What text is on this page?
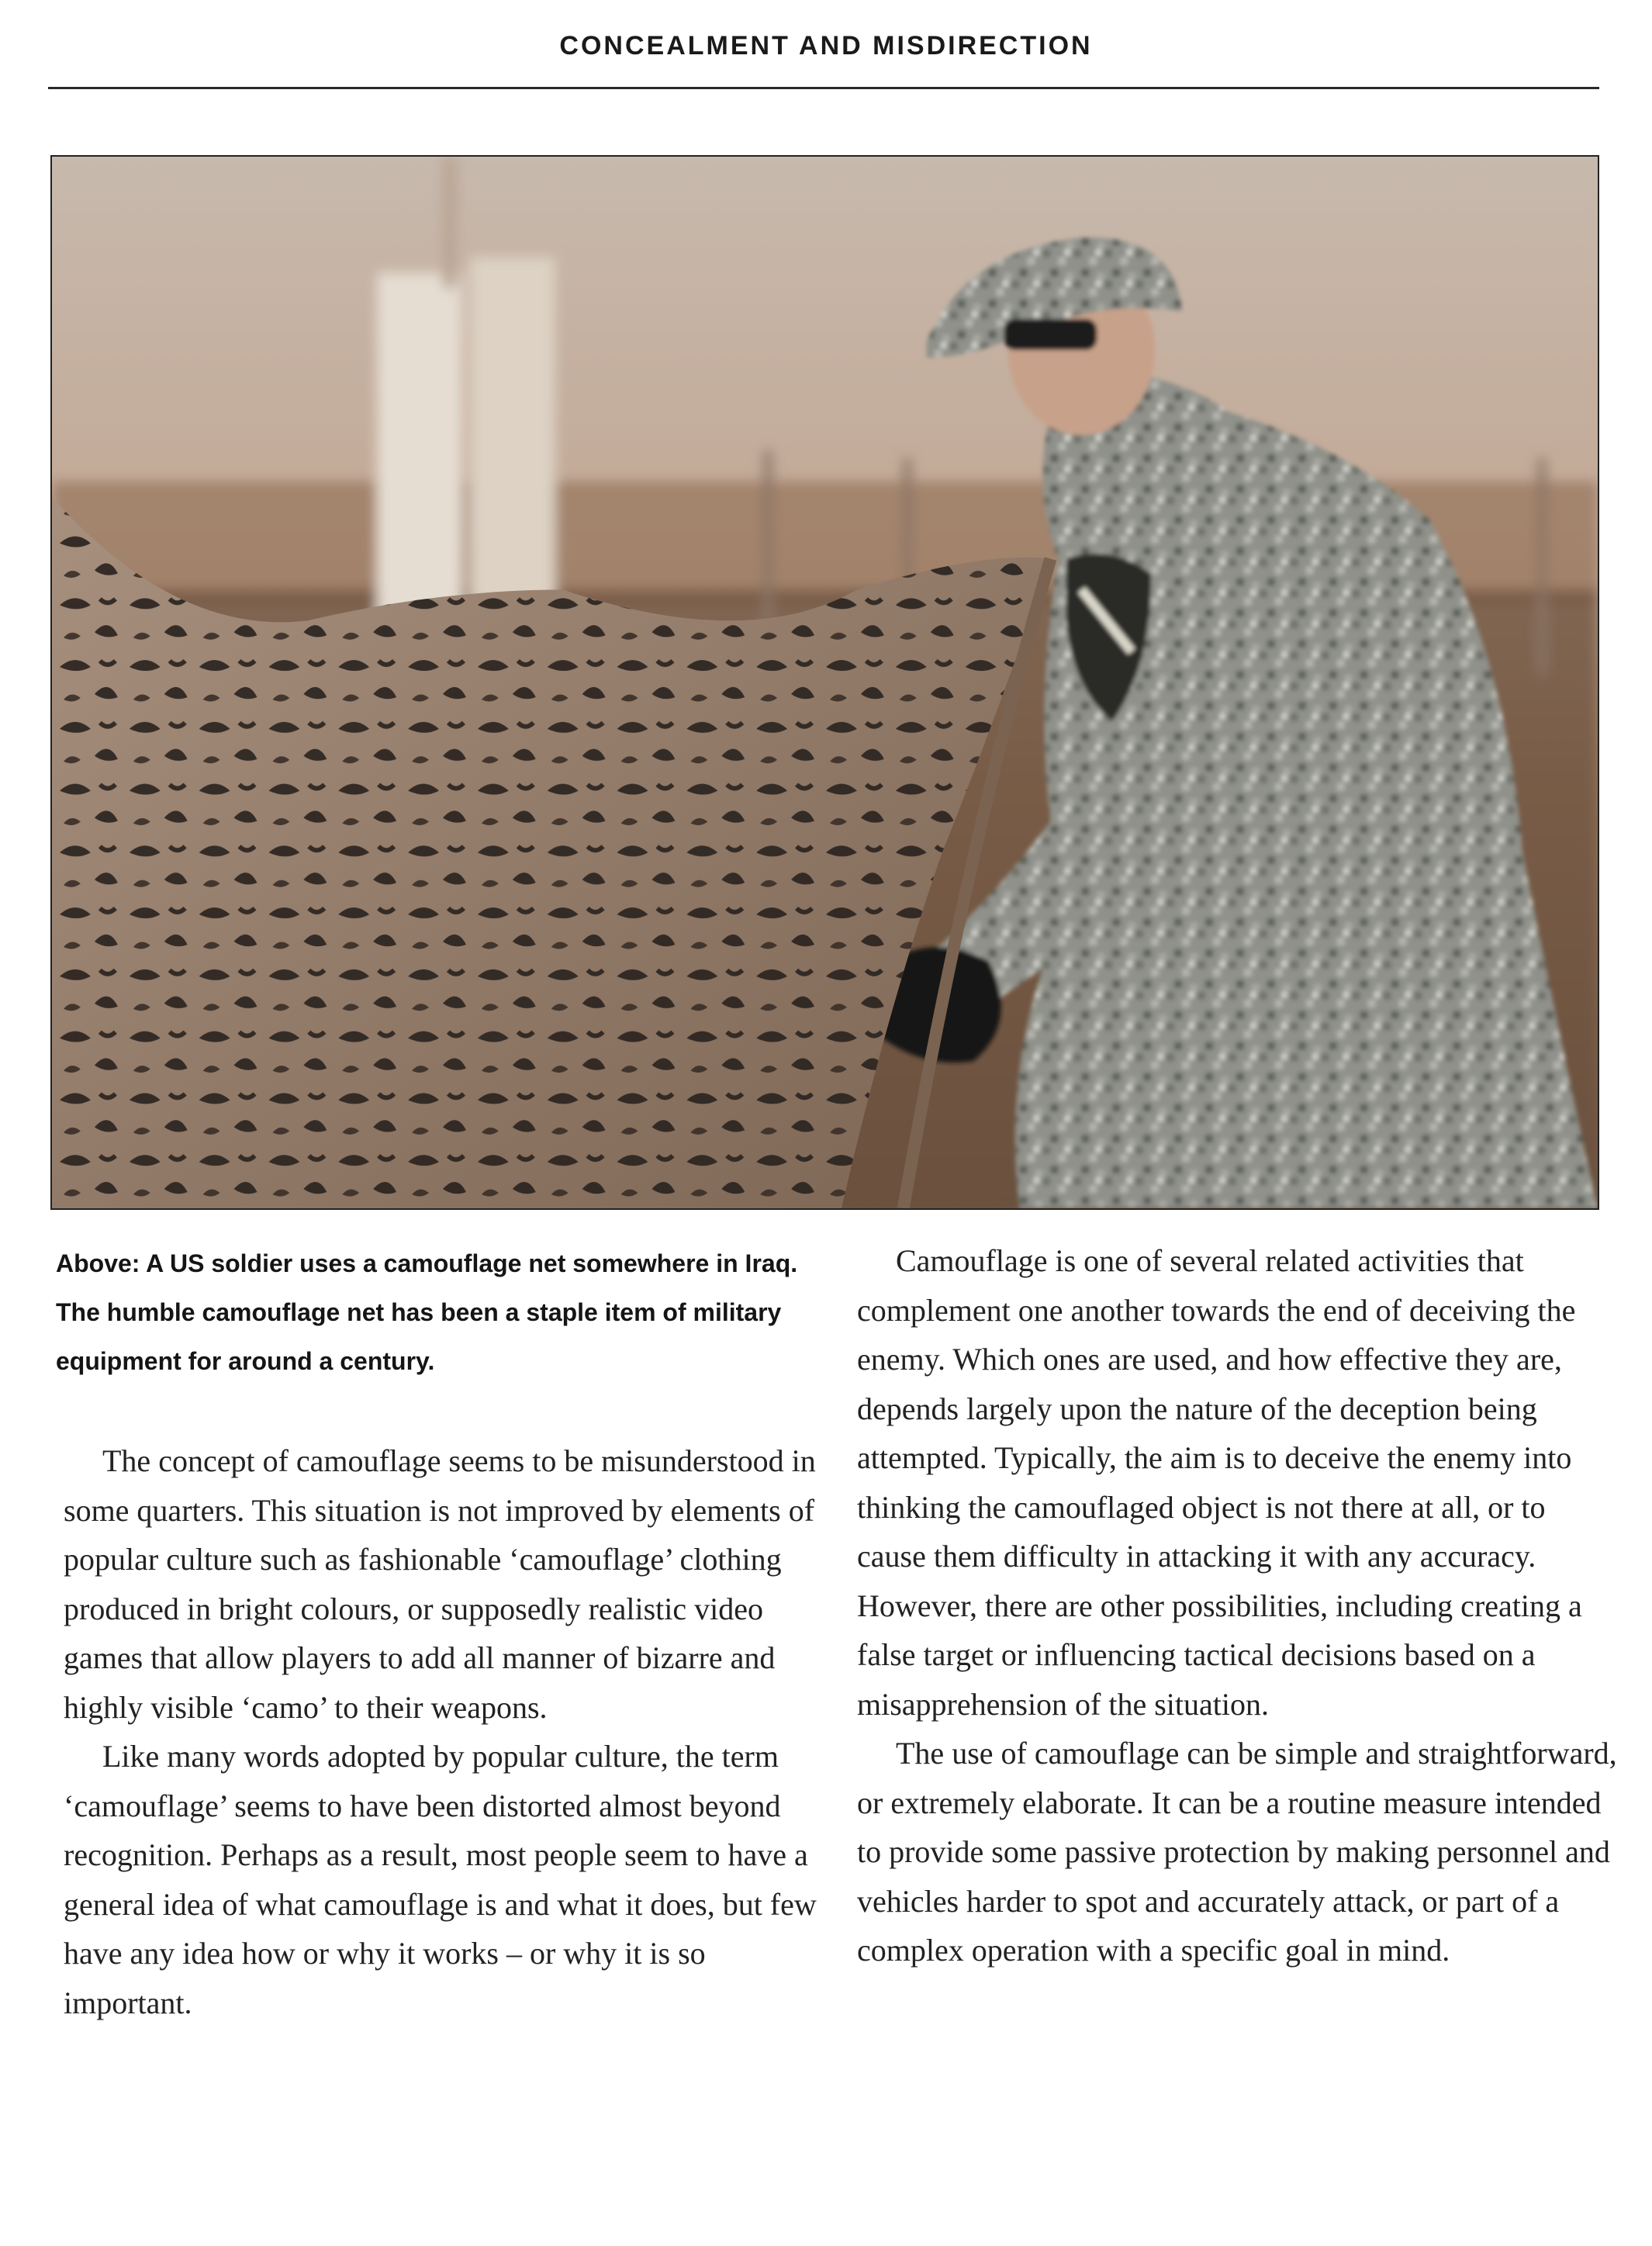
CONCEALMENT AND MISDIRECTION
Above: A US soldier uses a camouflage net somewhere in Iraq. The humble camouflage net has been a staple item of military equipment for around a century.

The concept of camouflage seems to be misunderstood in some quarters. This situation is not improved by elements of popular culture such as fashionable ‘camouflage’ clothing produced in bright colours, or supposedly realistic video games that allow players to add all manner of bizarre and highly visible ‘camo’ to their weapons.

Like many words adopted by popular culture, the term ‘camouflage’ seems to have been distorted almost beyond recognition. Perhaps as a result, most people seem to have a general idea of what camouflage is and what it does, but few have any idea how or why it works – or why it is so important.

Camouflage is one of several related activities that complement one another towards the end of deceiving the enemy. Which ones are used, and how effective they are, depends largely upon the nature of the deception being attempted. Typically, the aim is to deceive the enemy into thinking the camouflaged object is not there at all, or to cause them difficulty in attacking it with any accuracy. However, there are other possibilities, including creating a false target or influencing tactical decisions based on a misapprehension of the situation.

The use of camouflage can be simple and straightforward, or extremely elaborate. It can be a routine measure intended to provide some passive protection by making personnel and vehicles harder to spot and accurately attack, or part of a complex operation with a specific goal in mind.
